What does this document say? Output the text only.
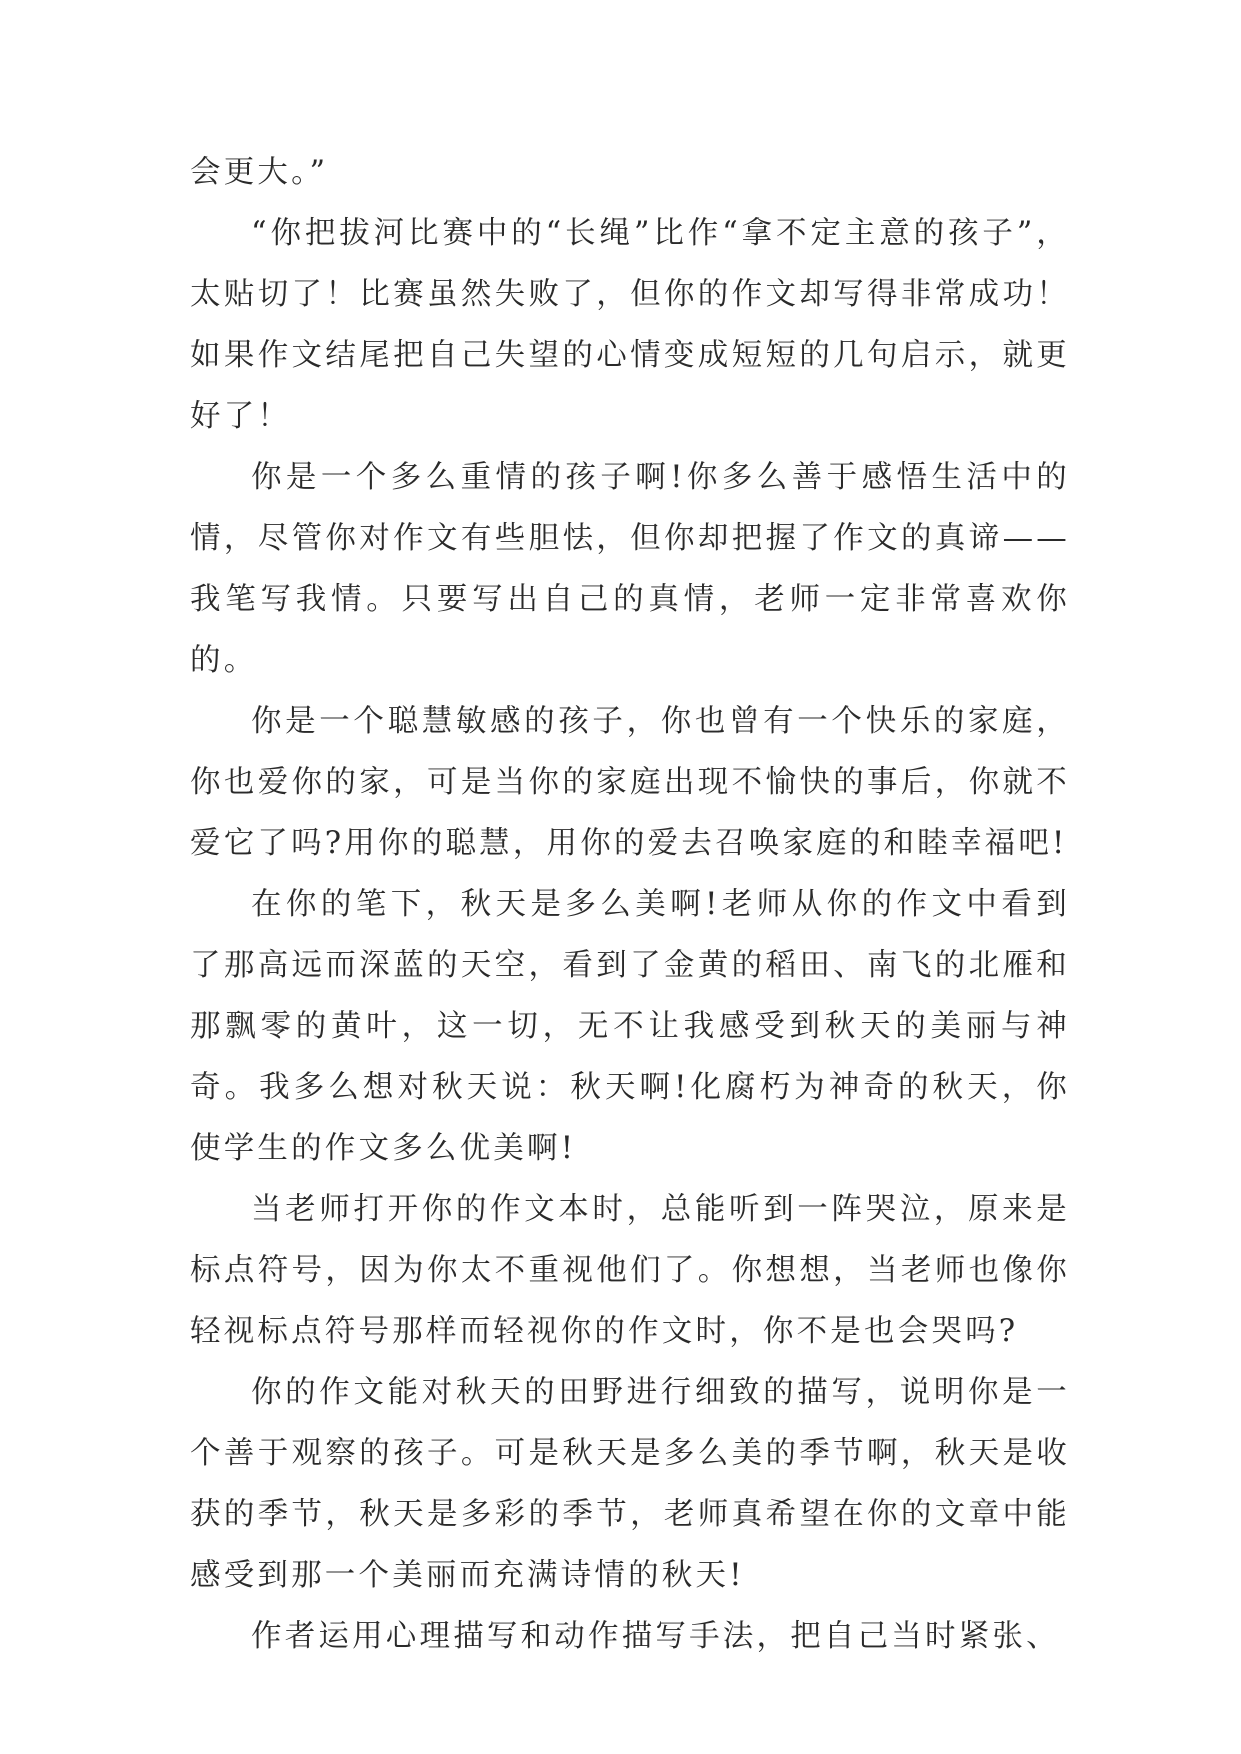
会更大。”

“你把拔河比赛中的“长绳”比作“拿不定主意的孩子”，太贴切了！比赛虽然失败了，但你的作文却写得非常成功！如果作文结尾把自己失望的心情变成短短的几句启示，就更好了！

你是一个多么重情的孩子啊!你多么善于感悟生活中的情，尽管你对作文有些胆怯，但你却把握了作文的真谛——我笔写我情。只要写出自己的真情，老师一定非常喜欢你的。

你是一个聪慧敏感的孩子，你也曾有一个快乐的家庭，你也爱你的家，可是当你的家庭出现不愉快的事后，你就不爱它了吗?用你的聪慧，用你的爱去召唤家庭的和睦幸福吧!

在你的笔下，秋天是多么美啊!老师从你的作文中看到了那高远而深蓝的天空，看到了金黄的稻田、南飞的北雁和那飘零的黄叶，这一切，无不让我感受到秋天的美丽与神奇。我多么想对秋天说：秋天啊!化腐朽为神奇的秋天，你使学生的作文多么优美啊!

当老师打开你的作文本时，总能听到一阵哭泣，原来是标点符号，因为你太不重视他们了。你想想，当老师也像你轻视标点符号那样而轻视你的作文时，你不是也会哭吗?

你的作文能对秋天的田野进行细致的描写，说明你是一个善于观察的孩子。可是秋天是多么美的季节啊，秋天是收获的季节，秋天是多彩的季节，老师真希望在你的文章中能感受到那一个美丽而充满诗情的秋天!

作者运用心理描写和动作描写手法，把自己当时紧张、
